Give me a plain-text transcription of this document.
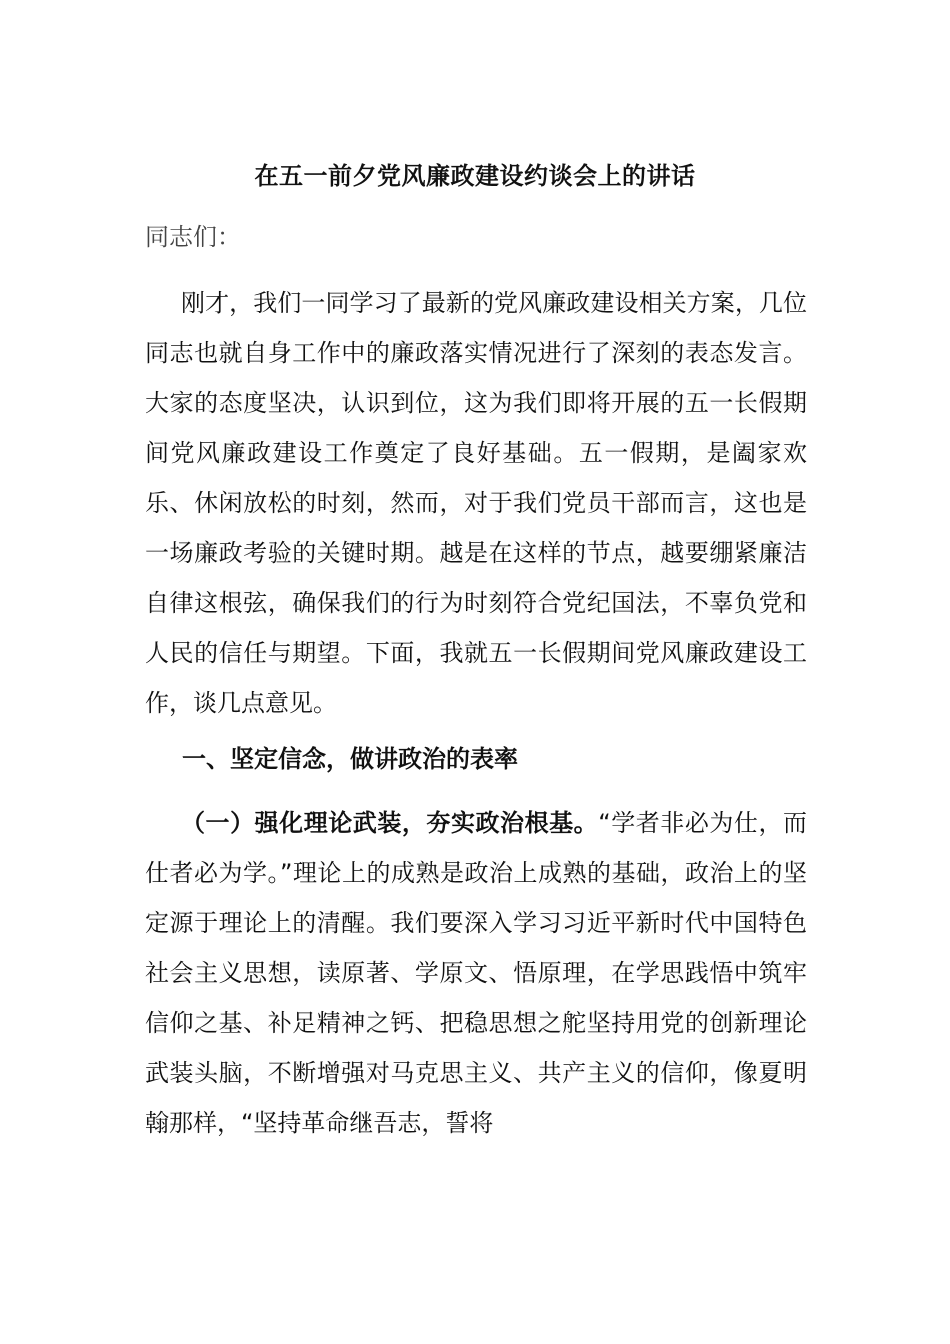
在五一前夕党风廉政建设约谈会上的讲话
同志们：
刚才，我们一同学习了最新的党风廉政建设相关方案，几位同志也就自身工作中的廉政落实情况进行了深刻的表态发言。大家的态度坚决，认识到位，这为我们即将开展的五一长假期间党风廉政建设工作奠定了良好基础。五一假期，是阖家欢乐、休闲放松的时刻，然而，对于我们党员干部而言，这也是一场廉政考验的关键时期。越是在这样的节点，越要绷紧廉洁自律这根弦，确保我们的行为时刻符合党纪国法，不辜负党和人民的信任与期望。下面，我就五一长假期间党风廉政建设工作，谈几点意见。
一、坚定信念，做讲政治的表率
（一）强化理论武装，夯实政治根基。“学者非必为仕，而仕者必为学。”理论上的成熟是政治上成熟的基础，政治上的坚定源于理论上的清醒。我们要深入学习习近平新时代中国特色社会主义思想，读原著、学原文、悟原理，在学思践悟中筑牢信仰之基、补足精神之钙、把稳思想之舵坚持用党的创新理论武装头脑，不断增强对马克思主义、共产主义的信仰，像夏明翰那样，“坚持革命继吾志，誓将
